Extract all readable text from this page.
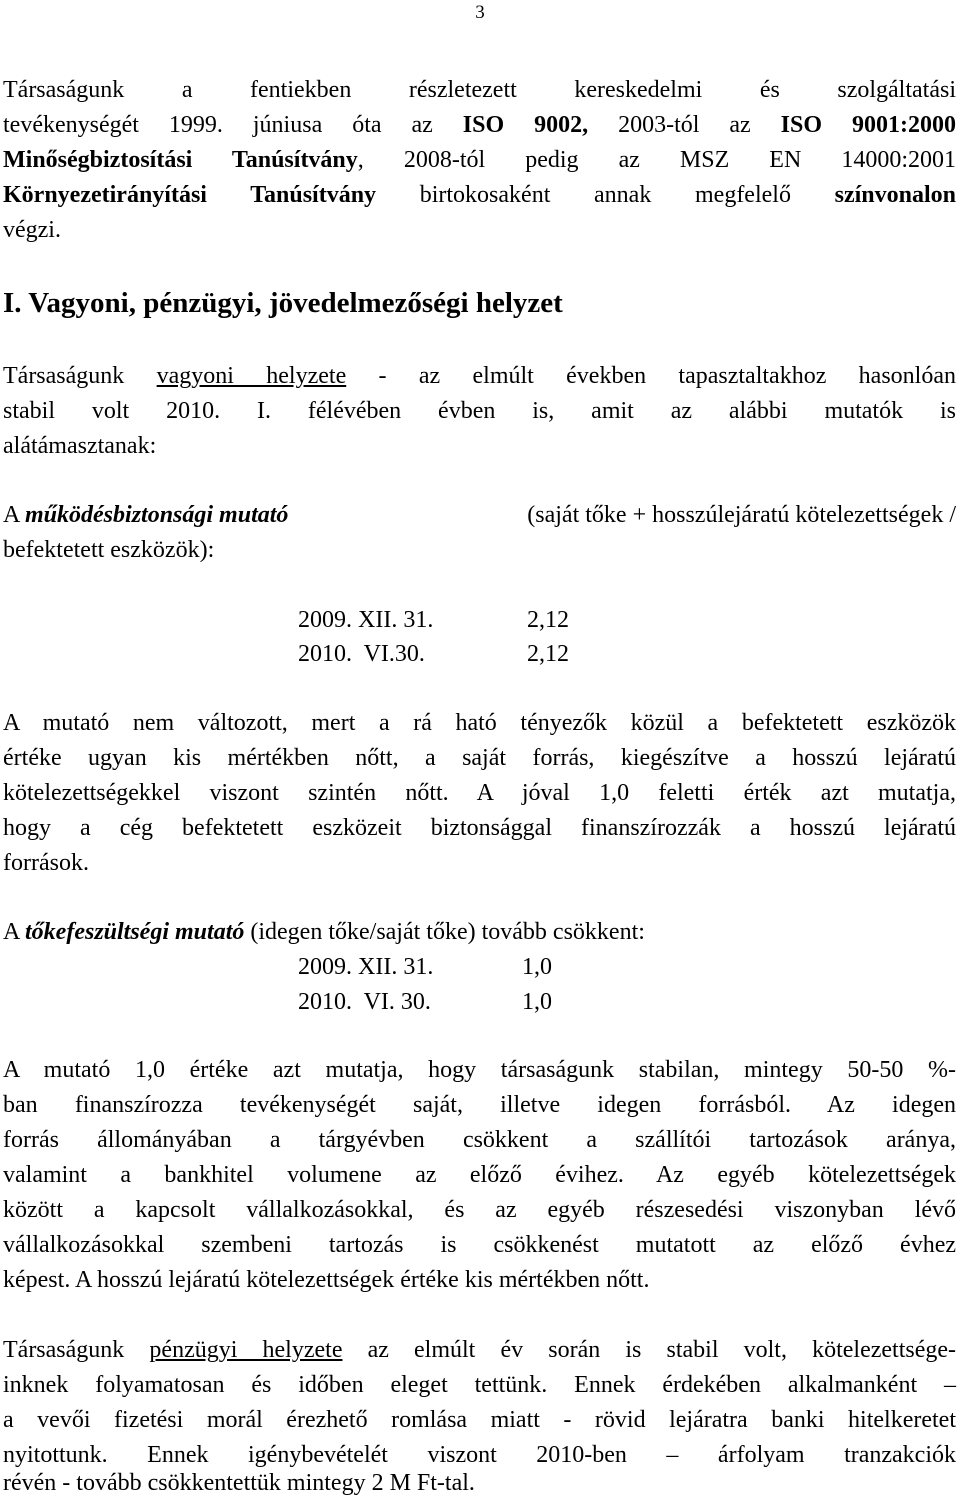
3
Társaságunk a fentiekben részletezett kereskedelmi és szolgáltatási
tevékenységét 1999. júniusa óta az ISO 9002, 2003-tól az ISO 9001:2000
Minőségbiztosítási Tanúsítvány, 2008-tól pedig az MSZ EN 14000:2001
Környezetirányítási Tanúsítvány birtokosaként annak megfelelő színvonalon
végzi.
I. Vagyoni, pénzügyi, jövedelmezőségi helyzet
Társaságunk vagyoni helyzete - az elmúlt években tapasztaltakhoz hasonlóan
stabil volt 2010. I. félévében évben is, amit az alábbi mutatók is
alátámasztanak:
A működésbiztonsági mutató	(saját tőke + hosszúlejáratú kötelezettségek /
befektetett eszközök):
2009. XII. 31.	2,12
2010.  VI.30.	2,12
A mutató nem változott, mert a rá ható tényezők közül a befektetett eszközök
értéke ugyan kis mértékben nőtt, a saját forrás, kiegészítve a hosszú lejáratú
kötelezettségekkel viszont szintén nőtt. A jóval 1,0 feletti érték azt mutatja,
hogy a cég befektetett eszközeit biztonsággal finanszírozzák a hosszú lejáratú
források.
A tőkefeszültségi mutató (idegen tőke/saját tőke) tovább csökkent:
2009. XII. 31.	1,0
2010.  VI. 30.	1,0
A mutató 1,0 értéke azt mutatja, hogy társaságunk stabilan, mintegy 50-50 %-
ban finanszírozza tevékenységét saját, illetve idegen forrásból. Az idegen
forrás állományában a tárgyévben csökkent a szállítói tartozások aránya,
valamint a bankhitel volumene az előző évihez. Az egyéb kötelezettségek
között a kapcsolt vállalkozásokkal, és az egyéb részesedési viszonyban lévő
vállalkozásokkal szembeni tartozás is csökkenést mutatott az előző évhez
képest. A hosszú lejáratú kötelezettségek értéke kis mértékben nőtt.
Társaságunk pénzügyi helyzete az elmúlt év során is stabil volt, kötelezettsége-
inknek folyamatosan és időben eleget tettünk. Ennek érdekében alkalmanként –
a vevői fizetési morál érezhető romlása miatt - rövid lejáratra banki hitelkeretet
nyitottunk. Ennek igénybevételét viszont 2010-ben – árfolyam tranzakciók
révén - tovább csökkentettük mintegy 2 M Ft-tal.
